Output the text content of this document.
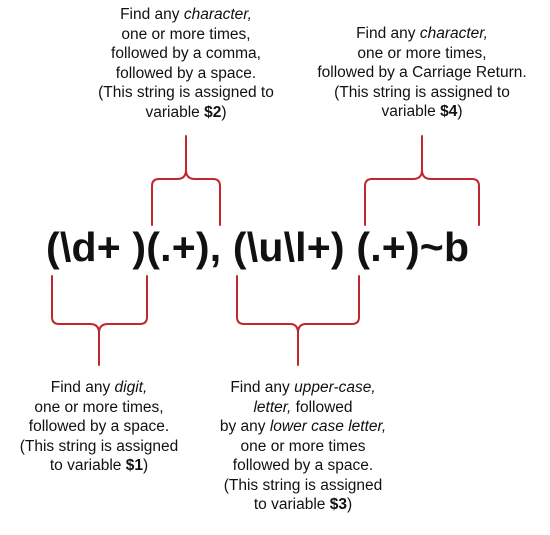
Find any character,
one or more times,
followed by a comma,
followed by a space.
(This string is assigned to
variable $2)
Find any character,
one or more times,
followed by a Carriage Return.
(This string is assigned to
variable $4)
(\d+ )(.+), (\u\l+) (.+)~b
Find any digit,
one or more times,
followed by a space.
(This string is assigned
to variable $1)
Find any upper-case,
letter, followed
by any lower case letter,
one or more times
followed by a space.
(This string is assigned
to variable $3)
